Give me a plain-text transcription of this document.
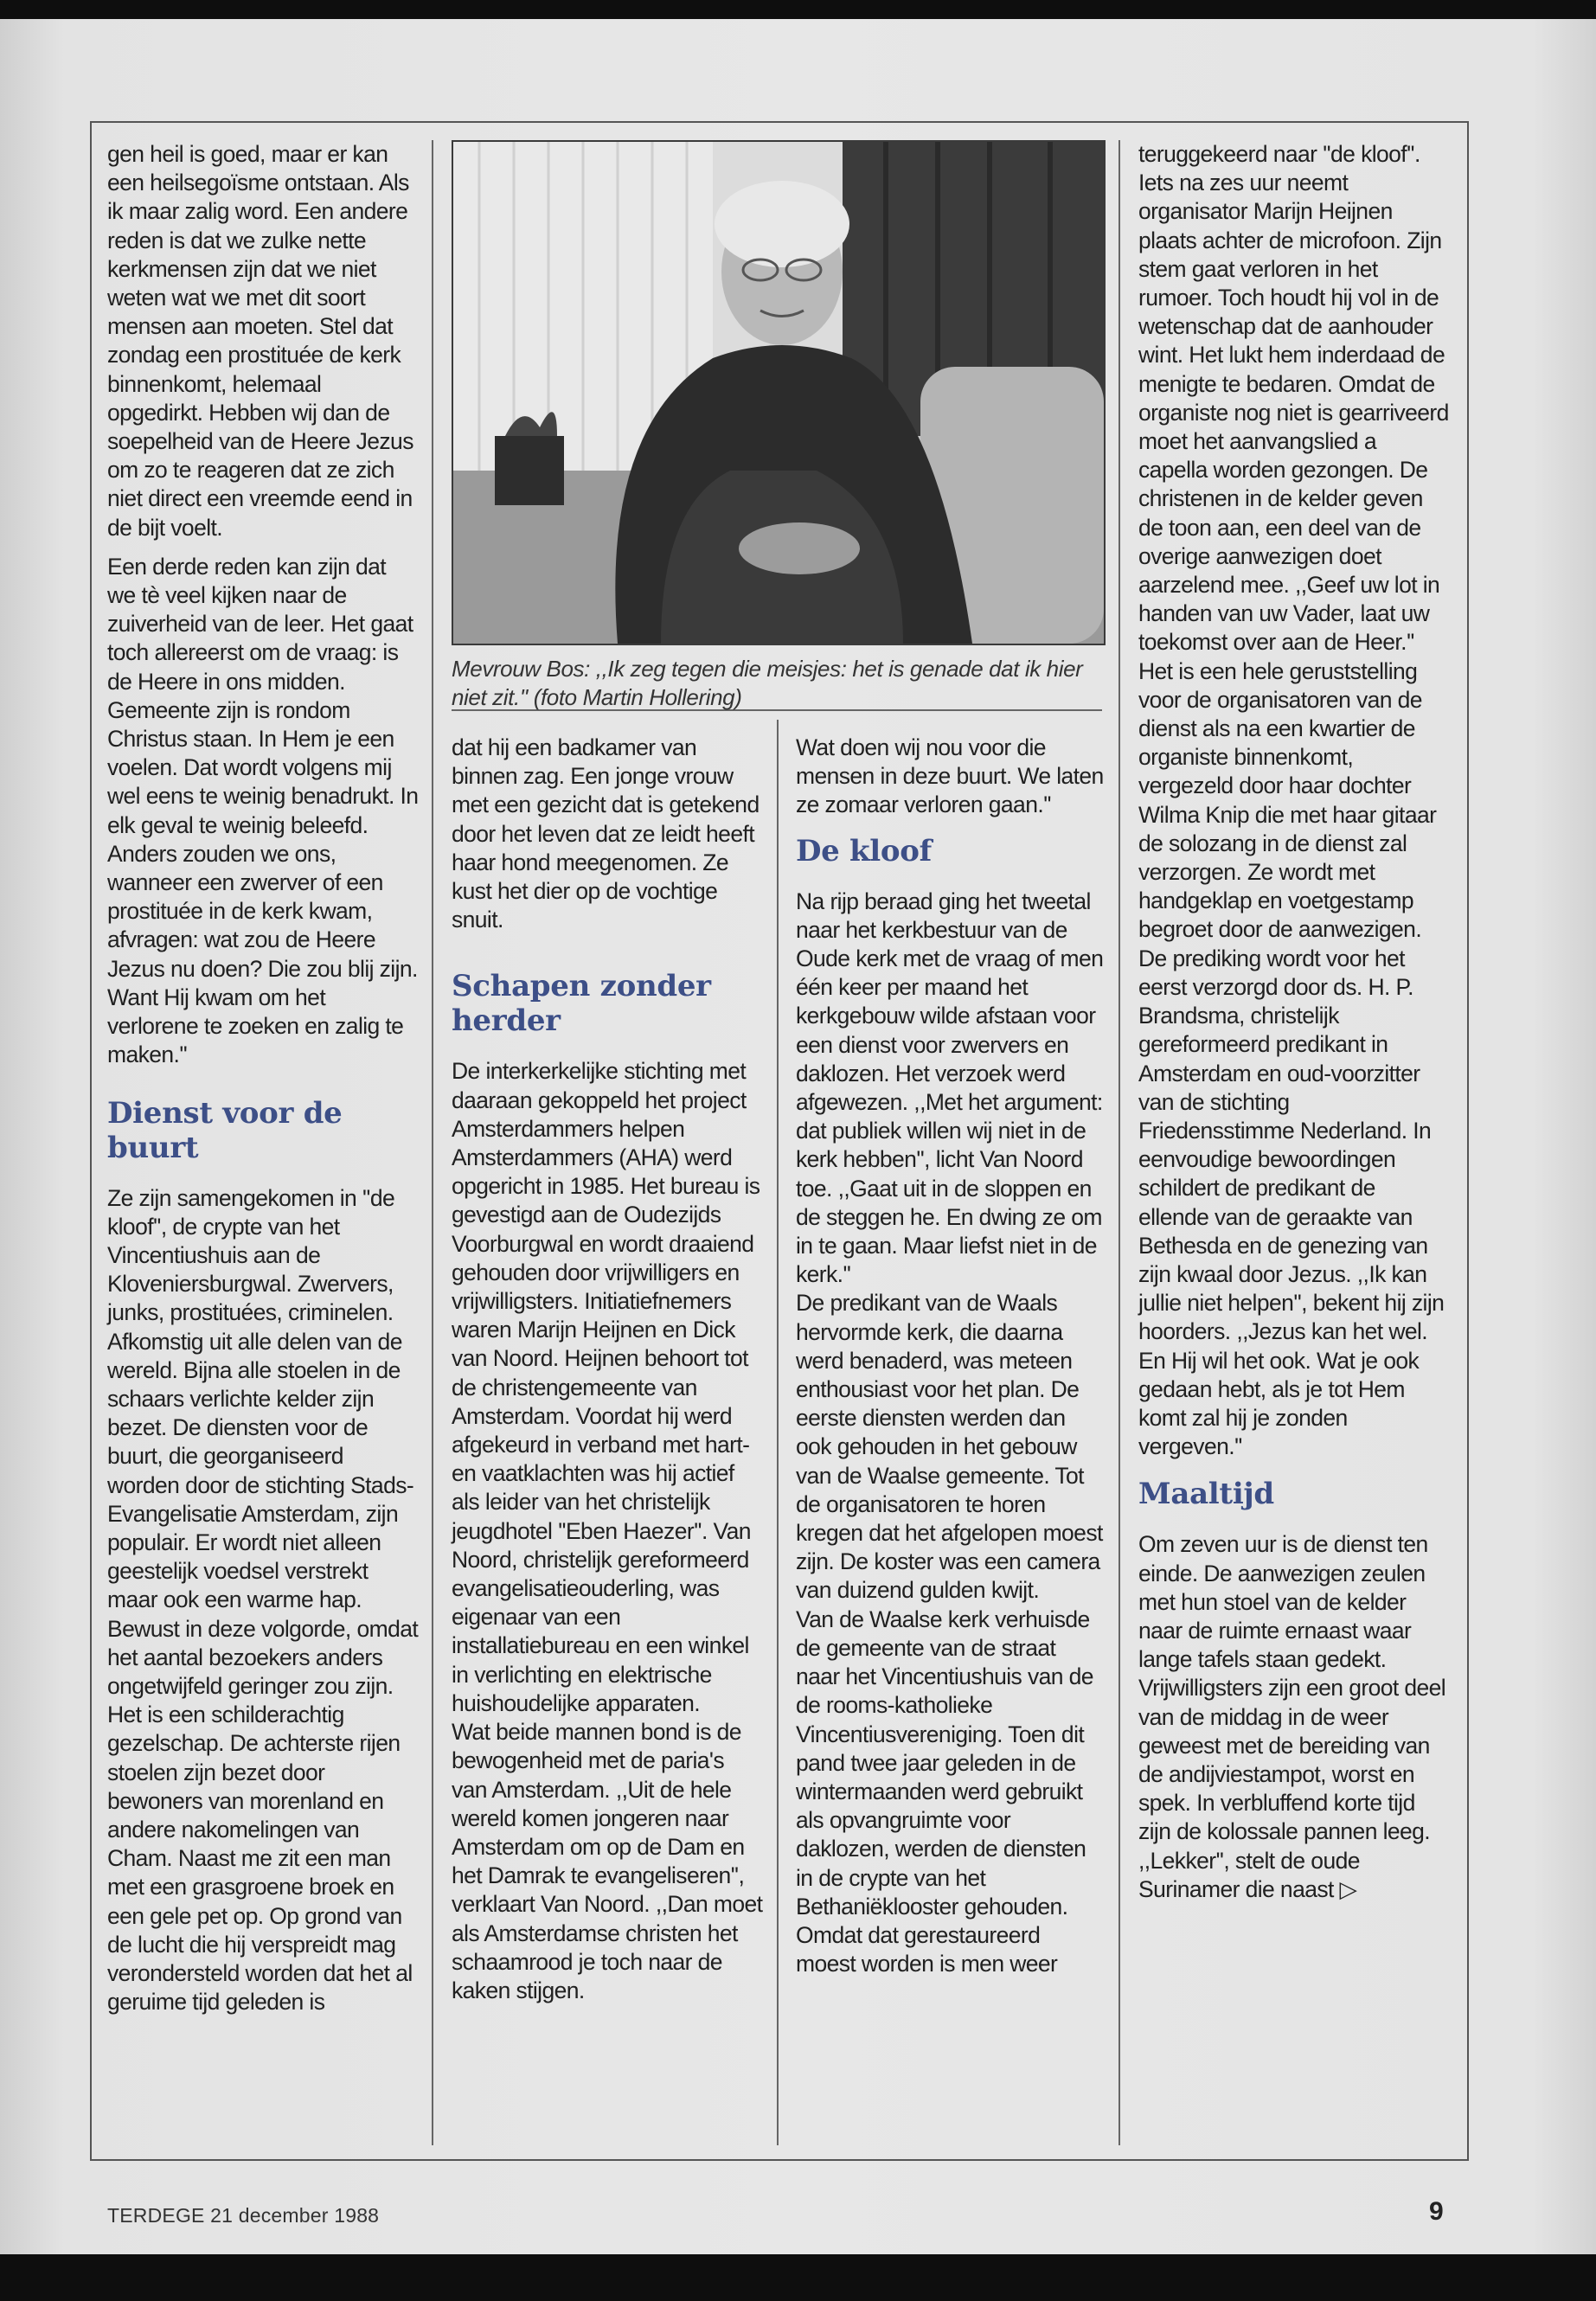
gen heil is goed, maar er kan een heilsegoïsme ontstaan. Als ik maar zalig word. Een andere reden is dat we zulke nette kerkmensen zijn dat we niet weten wat we met dit soort mensen aan moeten. Stel dat zondag een prostituée de kerk binnenkomt, helemaal opgedirkt. Hebben wij dan de soepelheid van de Heere Jezus om zo te reageren dat ze zich niet direct een vreemde eend in de bijt voelt.

Een derde reden kan zijn dat we tè veel kijken naar de zuiverheid van de leer. Het gaat toch allereerst om de vraag: is de Heere in ons midden. Gemeente zijn is rondom Christus staan. In Hem je een voelen. Dat wordt volgens mij wel eens te weinig benadrukt. In elk geval te weinig beleefd. Anders zouden we ons, wanneer een zwerver of een prostituée in de kerk kwam, afvragen: wat zou de Heere Jezus nu doen? Die zou blij zijn. Want Hij kwam om het verlorene te zoeken en zalig te maken.''

Dienst voor de buurt

Ze zijn samengekomen in ''de kloof'', de crypte van het Vincentiushuis aan de Kloveniersburgwal. Zwervers, junks, prostituées, criminelen. Afkomstig uit alle delen van de wereld. Bijna alle stoelen in de schaars verlichte kelder zijn bezet. De diensten voor de buurt, die georganiseerd worden door de stichting Stads-Evangelisatie Amsterdam, zijn populair. Er wordt niet alleen geestelijk voedsel verstrekt maar ook een warme hap. Bewust in deze volgorde, omdat het aantal bezoekers anders ongetwijfeld geringer zou zijn.

Het is een schilderachtig gezelschap. De achterste rijen stoelen zijn bezet door bewoners van morenland en andere nakomelingen van Cham. Naast me zit een man met een grasgroene broek en een gele pet op. Op grond van de lucht die hij verspreidt mag verondersteld worden dat het al geruime tijd geleden is

Mevrouw Bos: ,,Ik zeg tegen die meisjes: het is genade dat ik hier niet zit.'' (foto Martin Hollering)

dat hij een badkamer van binnen zag. Een jonge vrouw met een gezicht dat is getekend door het leven dat ze leidt heeft haar hond meegenomen. Ze kust het dier op de vochtige snuit.

Schapen zonder herder

De interkerkelijke stichting met daaraan gekoppeld het project Amsterdammers helpen Amsterdammers (AHA) werd opgericht in 1985. Het bureau is gevestigd aan de Oudezijds Voorburgwal en wordt draaiend gehouden door vrijwilligers en vrijwilligsters. Initiatiefnemers waren Marijn Heijnen en Dick van Noord. Heijnen behoort tot de christengemeente van Amsterdam. Voordat hij werd afgekeurd in verband met hart- en vaatklachten was hij actief als leider van het christelijk jeugdhotel ''Eben Haezer''. Van Noord, christelijk gereformeerd evangelisatieouderling, was eigenaar van een installatiebureau en een winkel in verlichting en elektrische huishoudelijke apparaten.

Wat beide mannen bond is de bewogenheid met de paria's van Amsterdam. ,,Uit de hele wereld komen jongeren naar Amsterdam om op de Dam en het Damrak te evangeliseren'', verklaart Van Noord. ,,Dan moet als Amsterdamse christen het schaamrood je toch naar de kaken stijgen.

Wat doen wij nou voor die mensen in deze buurt. We laten ze zomaar verloren gaan.''

De kloof

Na rijp beraad ging het tweetal naar het kerkbestuur van de Oude kerk met de vraag of men één keer per maand het kerkgebouw wilde afstaan voor een dienst voor zwervers en daklozen. Het verzoek werd afgewezen. ,,Met het argument: dat publiek willen wij niet in de kerk hebben'', licht Van Noord toe. ,,Gaat uit in de sloppen en de steggen he. En dwing ze om in te gaan. Maar liefst niet in de kerk.''

De predikant van de Waals hervormde kerk, die daarna werd benaderd, was meteen enthousiast voor het plan. De eerste diensten werden dan ook gehouden in het gebouw van de Waalse gemeente. Tot de organisatoren te horen kregen dat het afgelopen moest zijn. De koster was een camera van duizend gulden kwijt.

Van de Waalse kerk verhuisde de gemeente van de straat naar het Vincentiushuis van de de rooms-katholieke Vincentiusvereniging. Toen dit pand twee jaar geleden in de wintermaanden werd gebruikt als opvangruimte voor daklozen, werden de diensten in de crypte van het Bethaniëklooster gehouden. Omdat dat gerestaureerd moest worden is men weer

teruggekeerd naar ''de kloof''.

Iets na zes uur neemt organisator Marijn Heijnen plaats achter de microfoon. Zijn stem gaat verloren in het rumoer. Toch houdt hij vol in de wetenschap dat de aanhouder wint. Het lukt hem inderdaad de menigte te bedaren. Omdat de organiste nog niet is gearriveerd moet het aanvangslied a capella worden gezongen. De christenen in de kelder geven de toon aan, een deel van de overige aanwezigen doet aarzelend mee. ,,Geef uw lot in handen van uw Vader, laat uw toekomst over aan de Heer.''

Het is een hele geruststelling voor de organisatoren van de dienst als na een kwartier de organiste binnenkomt, vergezeld door haar dochter Wilma Knip die met haar gitaar de solozang in de dienst zal verzorgen. Ze wordt met handgeklap en voetgestamp begroet door de aanwezigen.

De prediking wordt voor het eerst verzorgd door ds. H. P. Brandsma, christelijk gereformeerd predikant in Amsterdam en oud-voorzitter van de stichting Friedensstimme Nederland. In eenvoudige bewoordingen schildert de predikant de ellende van de geraakte van Bethesda en de genezing van zijn kwaal door Jezus. ,,Ik kan jullie niet helpen'', bekent hij zijn hoorders. ,,Jezus kan het wel. En Hij wil het ook. Wat je ook gedaan hebt, als je tot Hem komt zal hij je zonden vergeven.''

Maaltijd

Om zeven uur is de dienst ten einde. De aanwezigen zeulen met hun stoel van de kelder naar de ruimte ernaast waar lange tafels staan gedekt. Vrijwilligsters zijn een groot deel van de middag in de weer geweest met de bereiding van de andijviestampot, worst en spek. In verbluffend korte tijd zijn de kolossale pannen leeg. ,,Lekker'', stelt de oude Surinamer die naast ▷

TERDEGE 21 december 1988	9
